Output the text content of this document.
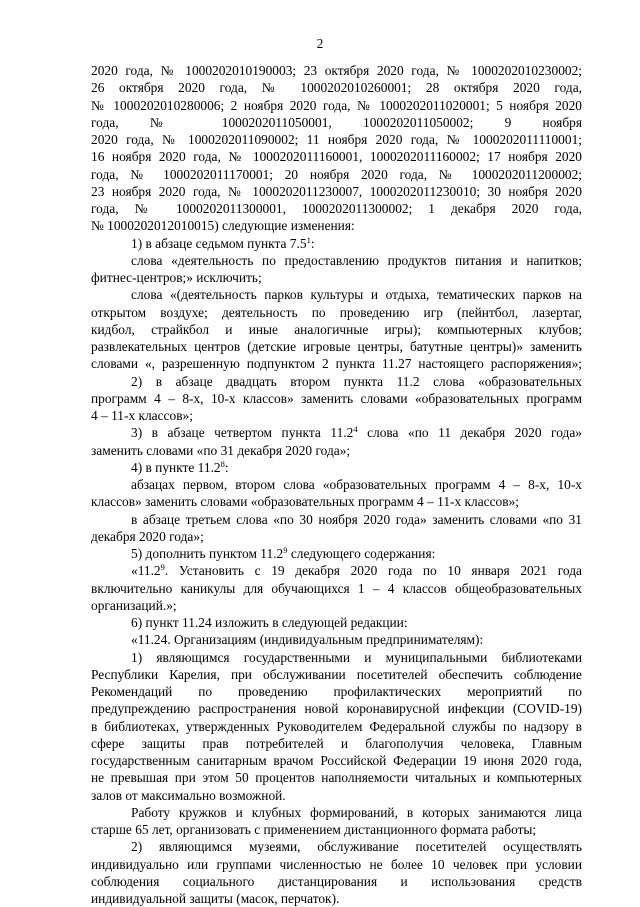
2
2020 года, № 1000202010190003; 23 октября 2020 года, № 1000202010230002;
26 октября 2020 года, № 1000202010260001; 28 октября 2020 года,
№ 1000202010280006; 2 ноября 2020 года, № 1000202011020001; 5 ноября 2020
года, № 1000202011050001, 1000202011050002; 9 ноября
2020 года, № 1000202011090002; 11 ноября 2020 года, № 1000202011110001;
16 ноября 2020 года, № 1000202011160001, 1000202011160002; 17 ноября 2020
года, № 1000202011170001; 20 ноября 2020 года, № 1000202011200002;
23 ноября 2020 года, № 1000202011230007, 1000202011230010; 30 ноября 2020
года, № 1000202011300001, 1000202011300002; 1 декабря 2020 года,
№ 1000202012010015) следующие изменения:
1) в абзаце седьмом пункта $7.5^1$:
слова «деятельность по предоставлению продуктов питания и напитков;
фитнес-центров;» исключить;
слова «(деятельность парков культуры и отдыха, тематических парков на
открытом воздухе; деятельность по проведению игр (пейнтбол, лазертаг,
кидбол, страйкбол и иные аналогичные игры); компьютерных клубов;
развлекательных центров (детские игровые центры, батутные центры)» заменить
словами «, разрешенную подпунктом 2 пункта 11.27 настоящего распоряжения»;
2) в абзаце двадцать втором пункта 11.2 слова «образовательных
программ 4 – 8-х, 10-х классов» заменить словами «образовательных программ
4 – 11-х классов»;
3) в абзаце четвертом пункта 11.2$^4$ слова «по 11 декабря 2020 года»
заменить словами «по 31 декабря 2020 года»;
4) в пункте 11.2$^8$:
абзацах первом, втором слова «образовательных программ 4 – 8-х, 10-х
классов» заменить словами «образовательных программ 4 – 11-х классов»;
в абзаце третьем слова «по 30 ноября 2020 года» заменить словами «по 31
декабря 2020 года»;
5) дополнить пунктом 11.2$^9$ следующего содержания:
«11.2$^9$. Установить с 19 декабря 2020 года по 10 января 2021 года
включительно каникулы для обучающихся 1 – 4 классов общеобразовательных
организаций.»;
6) пункт 11.24 изложить в следующей редакции:
«11.24. Организациям (индивидуальным предпринимателям):
1) являющимся государственными и муниципальными библиотеками
Республики Карелия, при обслуживании посетителей обеспечить соблюдение
Рекомендаций по проведению профилактических мероприятий по
предупреждению распространения новой коронавирусной инфекции (COVID-19)
в библиотеках, утвержденных Руководителем Федеральной службы по надзору в
сфере защиты прав потребителей и благополучия человека, Главным
государственным санитарным врачом Российской Федерации 19 июня 2020 года,
не превышая при этом 50 процентов наполняемости читальных и компьютерных
залов от максимально возможной.
Работу кружков и клубных формирований, в которых занимаются лица
старше 65 лет, организовать с применением дистанционного формата работы;
2) являющимся музеями, обслуживание посетителей осуществлять
индивидуально или группами численностью не более 10 человек при условии
соблюдения социального дистанцирования и использования средств
индивидуальной защиты (масок, перчаток).
